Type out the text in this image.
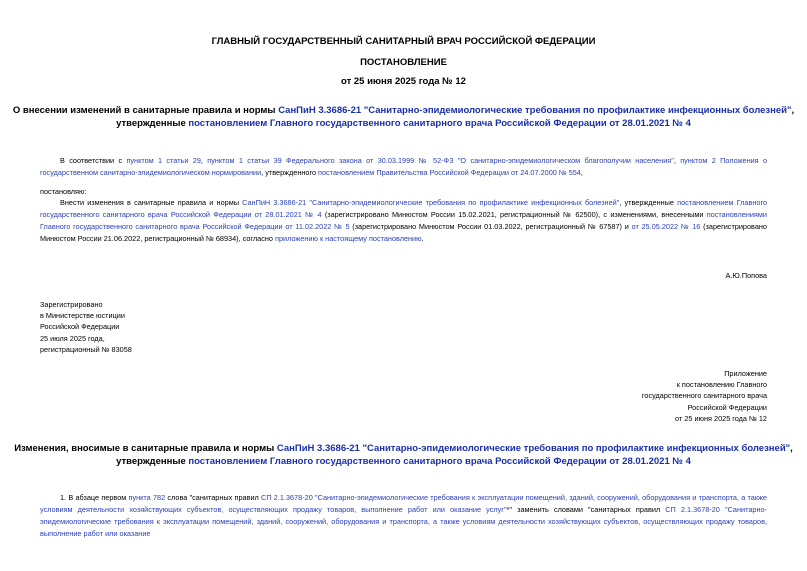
ГЛАВНЫЙ ГОСУДАРСТВЕННЫЙ САНИТАРНЫЙ ВРАЧ РОССИЙСКОЙ ФЕДЕРАЦИИ
ПОСТАНОВЛЕНИЕ
от 25 июня 2025 года № 12
О внесении изменений в санитарные правила и нормы СанПиН 3.3686-21 "Санитарно-эпидемиологические требования по профилактике инфекционных болезней",
утвержденные постановлением Главного государственного санитарного врача Российской Федерации от 28.01.2021 № 4
В соответствии с пунктом 1 статьи 29, пунктом 1 статьи 39 Федерального закона от 30.03.1999 № 52-ФЗ "О санитарно-эпидемиологическом благополучии населения", пунктом 2 Положения о государственном санитарно-эпидемиологическом нормировании, утвержденного постановлением Правительства Российской Федерации от 24.07.2000 № 554,
постановляю:
Внести изменения в санитарные правила и нормы СанПиН 3.3686-21 "Санитарно-эпидемиологические требования по профилактике инфекционных болезней", утвержденные постановлением Главного государственного санитарного врача Российской Федерации от 28.01.2021 № 4 (зарегистрировано Минюстом России 15.02.2021, регистрационный № 62500), с изменениями, внесенными постановлениями Главного государственного санитарного врача Российской Федерации от 11.02.2022 № 5 (зарегистрировано Минюстом России 01.03.2022, регистрационный № 67587) и от 25.05.2022 № 16 (зарегистрировано Минюстом России 21.06.2022, регистрационный № 68934), согласно приложению к настоящему постановлению.
А.Ю.Попова
Зарегистрировано
в Министерстве юстиции
Российской Федерации
25 июля 2025 года,
регистрационный № 83058
Приложение
к постановлению Главного
государственного санитарного врача
Российской Федерации
от 25 июня 2025 года № 12
Изменения, вносимые в санитарные правила и нормы СанПиН 3.3686-21 "Санитарно-эпидемиологические требования по профилактике инфекционных болезней",
утвержденные постановлением Главного государственного санитарного врача Российской Федерации от 28.01.2021 № 4
1. В абзаце первом пункта 782 слова "санитарных правил СП 2.1.3678-20 "Санитарно-эпидемиологические требования к эксплуатации помещений, зданий, сооружений, оборудования и транспорта, а также условиям деятельности хозяйствующих субъектов, осуществляющих продажу товаров, выполнение работ или оказание услуг"*" заменить словами "санитарных правил СП 2.1.3678-20 "Санитарно-эпидемиологические требования к эксплуатации помещений, зданий, сооружений, оборудования и транспорта, а также условиям деятельности хозяйствующих субъектов, осуществляющих продажу товаров, выполнение работ или оказание
